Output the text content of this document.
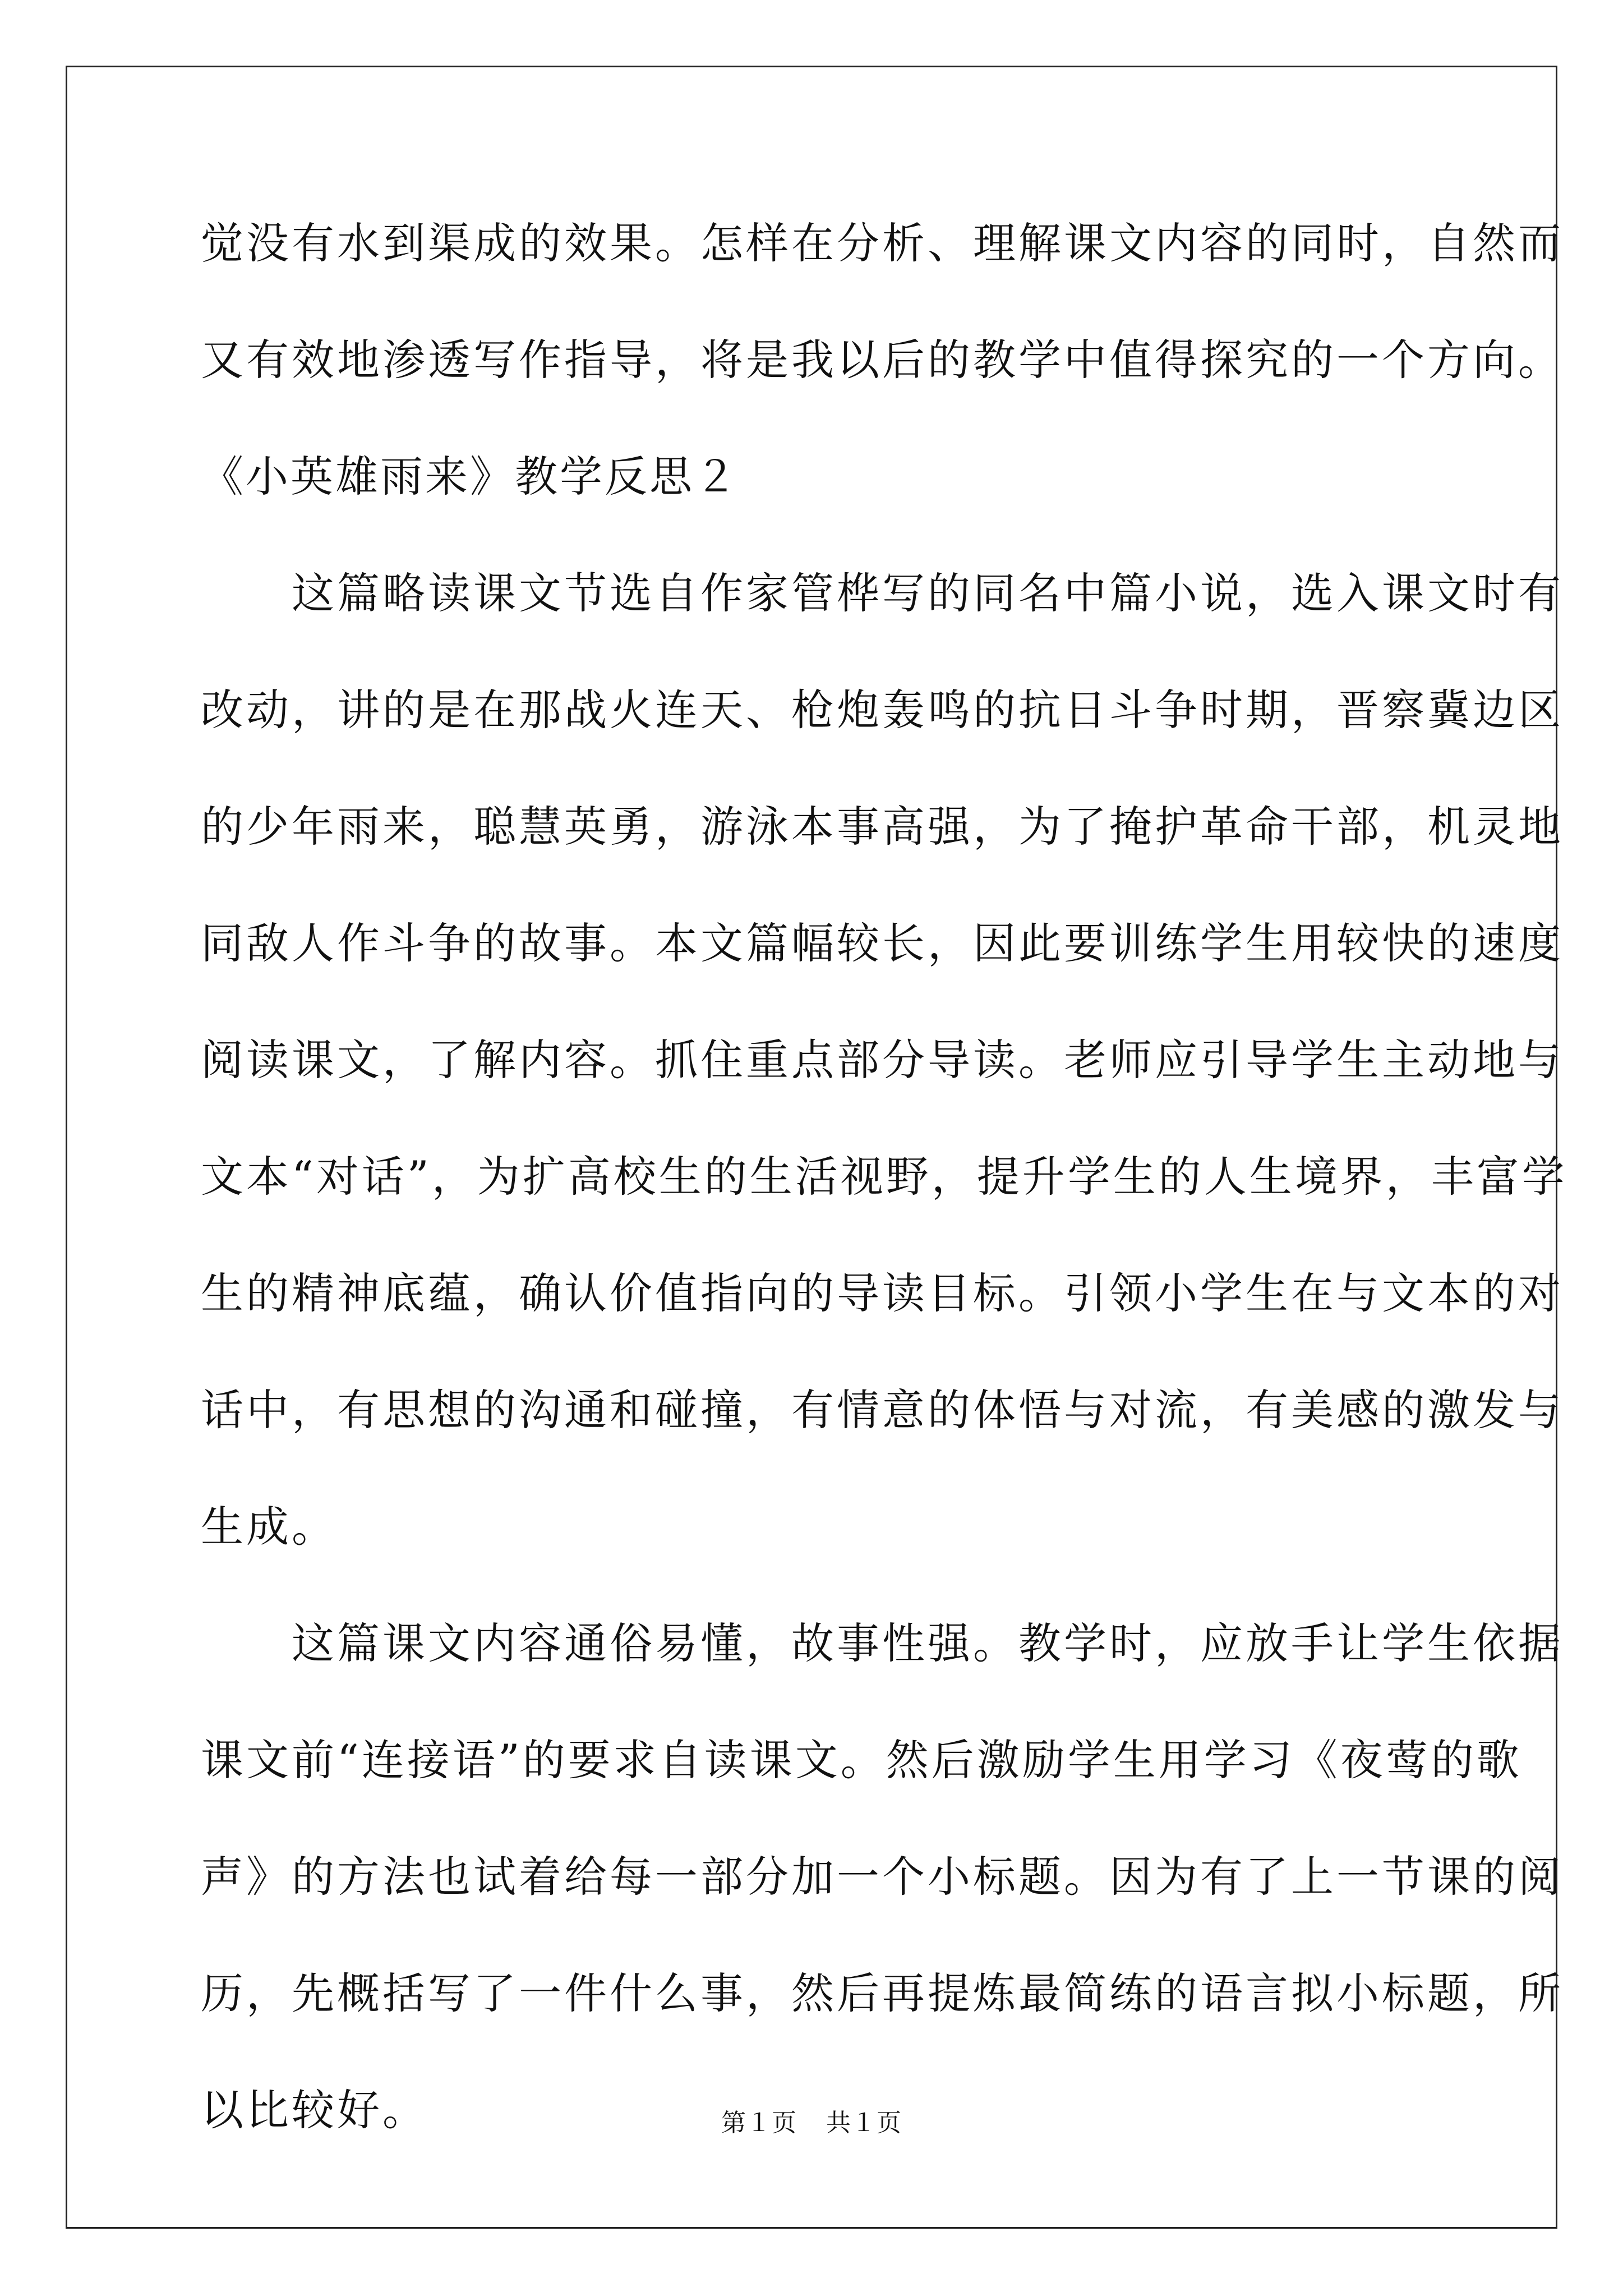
觉没有水到渠成的效果。怎样在分析、理解课文内容的同时，自然而
又有效地渗透写作指导，将是我以后的教学中值得探究的一个方向。
《小英雄雨来》教学反思２
　　这篇略读课文节选自作家管桦写的同名中篇小说，选入课文时有
改动，讲的是在那战火连天、枪炮轰鸣的抗日斗争时期，晋察冀边区
的少年雨来，聪慧英勇，游泳本事高强，为了掩护革命干部，机灵地
同敌人作斗争的故事。本文篇幅较长，因此要训练学生用较快的速度
阅读课文，了解内容。抓住重点部分导读。老师应引导学生主动地与
文本“对话”，为扩高校生的生活视野，提升学生的人生境界，丰富学
生的精神底蕴，确认价值指向的导读目标。引领小学生在与文本的对
话中，有思想的沟通和碰撞，有情意的体悟与对流，有美感的激发与
生成。
　　这篇课文内容通俗易懂，故事性强。教学时，应放手让学生依据
课文前“连接语”的要求自读课文。然后激励学生用学习《夜莺的歌
声》的方法也试着给每一部分加一个小标题。因为有了上一节课的阅
历，先概括写了一件什么事，然后再提炼最简练的语言拟小标题，所
以比较好。	第１页 共１页
